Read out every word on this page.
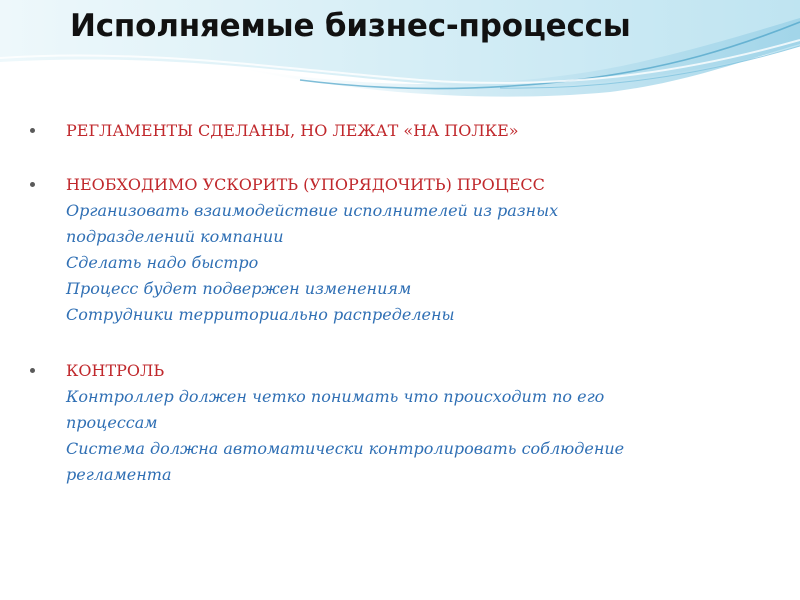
Исполняемые бизнес-процессы
РЕГЛАМЕНТЫ СДЕЛАНЫ, НО ЛЕЖАТ «НА ПОЛКЕ»
НЕОБХОДИМО УСКОРИТЬ (УПОРЯДОЧИТЬ) ПРОЦЕСС
Организовать взаимодействие исполнителей из разных
подразделений компании
Сделать надо быстро
Процесс будет подвержен изменениям
Сотрудники территориально распределены
КОНТРОЛЬ
Контроллер должен четко понимать что происходит по его
процессам
Система должна автоматически контролировать соблюдение
регламента
